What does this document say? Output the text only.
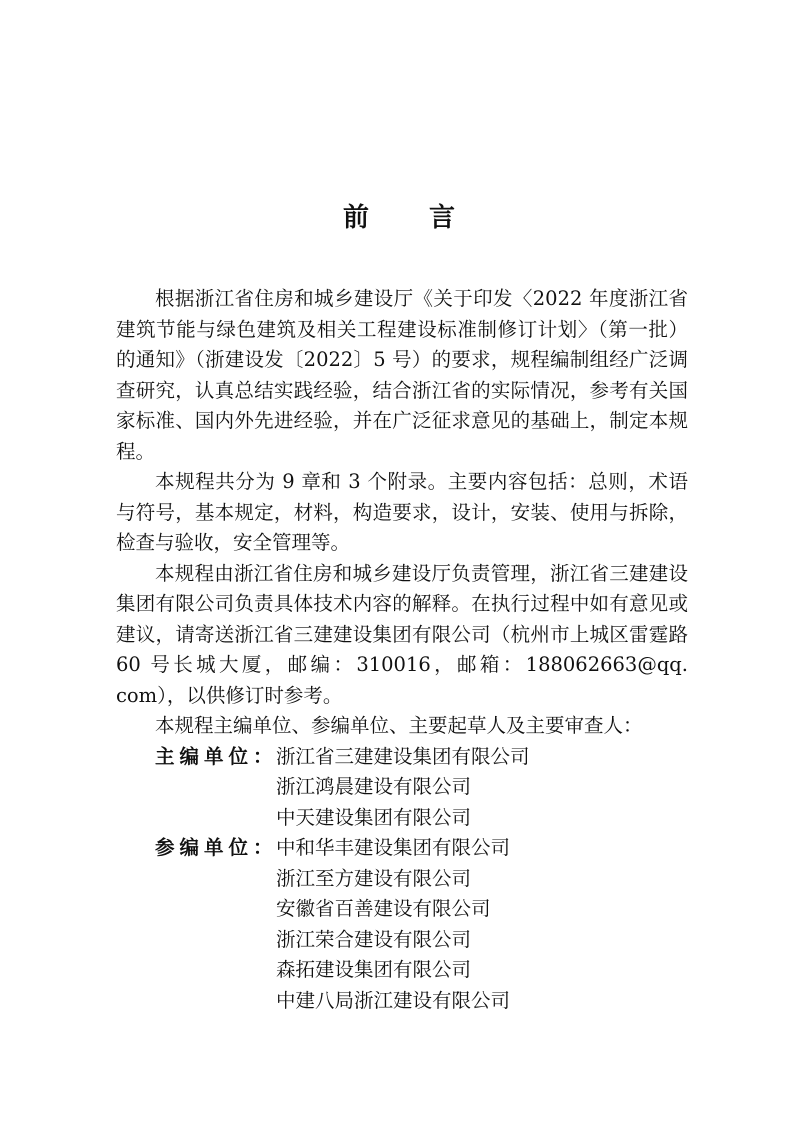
前 言

根据浙江省住房和城乡建设厅《关于印发〈2022 年度浙江省建筑节能与绿色建筑及相关工程建设标准制修订计划〉（第一批）的通知》（浙建设发〔2022〕5 号）的要求，规程编制组经广泛调查研究，认真总结实践经验，结合浙江省的实际情况，参考有关国家标准、国内外先进经验，并在广泛征求意见的基础上，制定本规程。

本规程共分为 9 章和 3 个附录。主要内容包括：总则，术语与符号，基本规定，材料，构造要求，设计，安装、使用与拆除，检查与验收，安全管理等。

本规程由浙江省住房和城乡建设厅负责管理，浙江省三建建设集团有限公司负责具体技术内容的解释。在执行过程中如有意见或建议，请寄送浙江省三建建设集团有限公司（杭州市上城区雷霆路 60 号长城大厦，邮编：310016，邮箱：188062663@qq. com），以供修订时参考。

本规程主编单位、参编单位、主要起草人及主要审查人：

主编单位：
浙江省三建建设集团有限公司
浙江鸿晨建设有限公司
中天建设集团有限公司
参编单位：
中和华丰建设集团有限公司
浙江至方建设有限公司
安徽省百善建设有限公司
浙江荣合建设有限公司
森拓建设集团有限公司
中建八局浙江建设有限公司
